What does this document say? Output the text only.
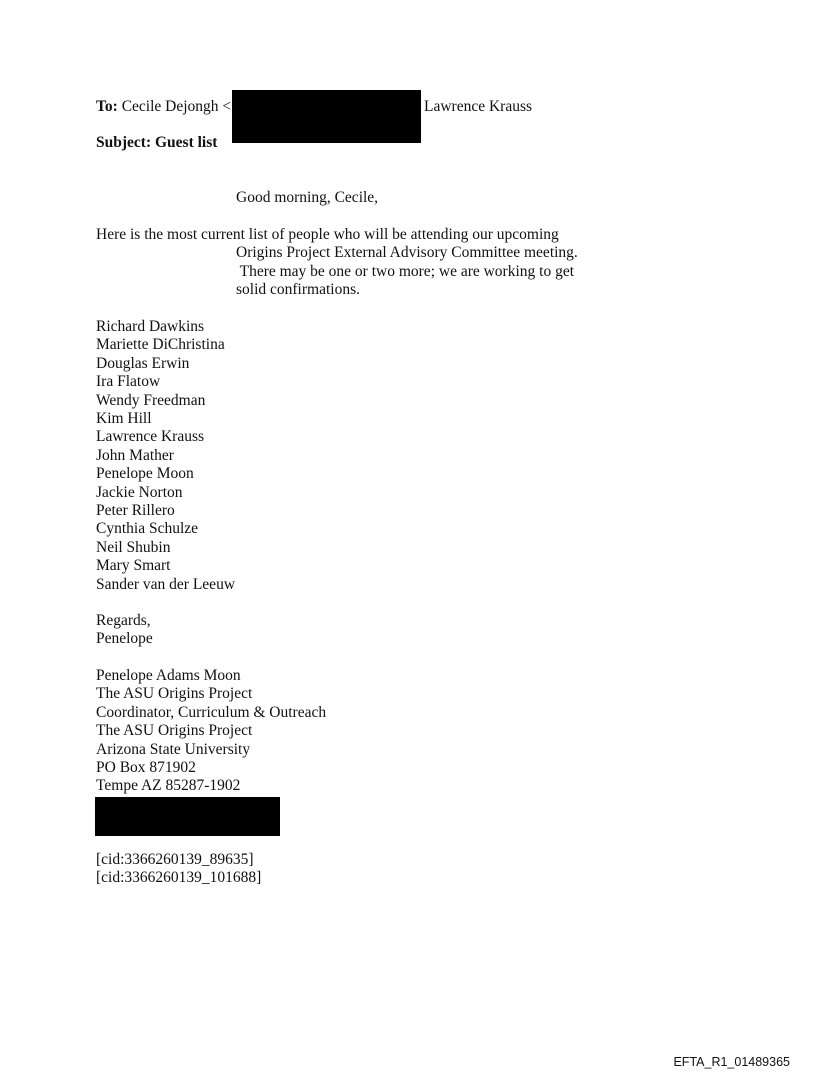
To: Cecile Dejongh <	Lawrence Krauss
Subject: Guest list
Good morning, Cecile,
Here is the most current list of people who will be attending our upcoming
Origins Project External Advisory Committee meeting.
There may be one or two more; we are working to get
solid confirmations.
Richard Dawkins
Mariette DiChristina
Douglas Erwin
Ira Flatow
Wendy Freedman
Kim Hill
Lawrence Krauss
John Mather
Penelope Moon
Jackie Norton
Peter Rillero
Cynthia Schulze
Neil Shubin
Mary Smart
Sander van der Leeuw
Regards,
Penelope
Penelope Adams Moon
The ASU Origins Project
Coordinator, Curriculum & Outreach
The ASU Origins Project
Arizona State University
PO Box 871902
Tempe AZ 85287-1902
[cid:3366260139_89635]
[cid:3366260139_101688]
EFTA_R1_01489365
